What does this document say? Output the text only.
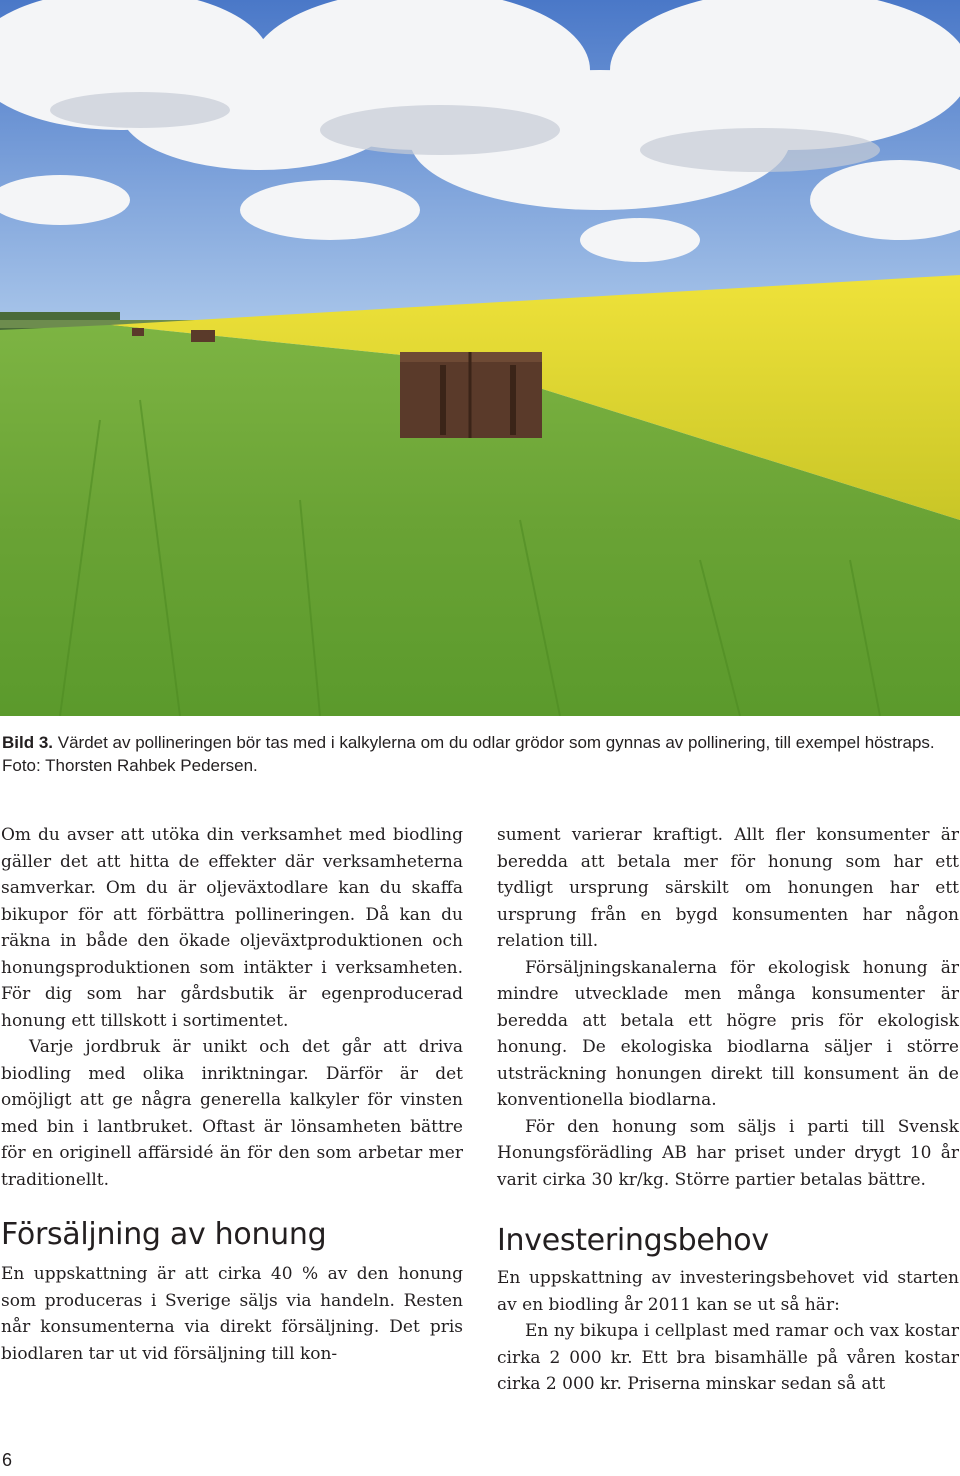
Bild 3. Värdet av pollineringen bör tas med i kalkylerna om du odlar grödor som gynnas av pollinering, till exempel höstraps. Foto: Thorsten Rahbek Pedersen.

Om du avser att utöka din verksamhet med biodling gäller det att hitta de effekter där verksamheterna samverkar. Om du är oljeväxtodlare kan du skaffa bikupor för att förbättra pollineringen. Då kan du räkna in både den ökade oljeväxtproduktionen och honungsproduktionen som intäkter i verksamheten. För dig som har gårdsbutik är egenproducerad honung ett tillskott i sortimentet.

Varje jordbruk är unikt och det går att driva biodling med olika inriktningar. Därför är det omöjligt att ge några generella kalkyler för vinsten med bin i lantbruket. Oftast är lönsamheten bättre för en originell affärsidé än för den som arbetar mer traditionellt.

Försäljning av honung

En uppskattning är att cirka 40 % av den honung som produceras i Sverige säljs via handeln. Resten når konsumenterna via direkt försäljning. Det pris biodlaren tar ut vid försäljning till kon-

sument varierar kraftigt. Allt fler konsumenter är beredda att betala mer för honung som har ett tydligt ursprung särskilt om honungen har ett ursprung från en bygd konsumenten har någon relation till.

Försäljningskanalerna för ekologisk honung är mindre utvecklade men många konsumenter är beredda att betala ett högre pris för ekologisk honung. De ekologiska biodlarna säljer i större utsträckning honungen direkt till konsument än de konventionella biodlarna.

För den honung som säljs i parti till Svensk Honungsförädling AB har priset under drygt 10 år varit cirka 30 kr/kg. Större partier betalas bättre.

Investeringsbehov

En uppskattning av investeringsbehovet vid starten av en biodling år 2011 kan se ut så här:

En ny bikupa i cellplast med ramar och vax kostar cirka 2 000 kr. Ett bra bisamhälle på våren kostar cirka 2 000 kr. Priserna minskar sedan så att

6
